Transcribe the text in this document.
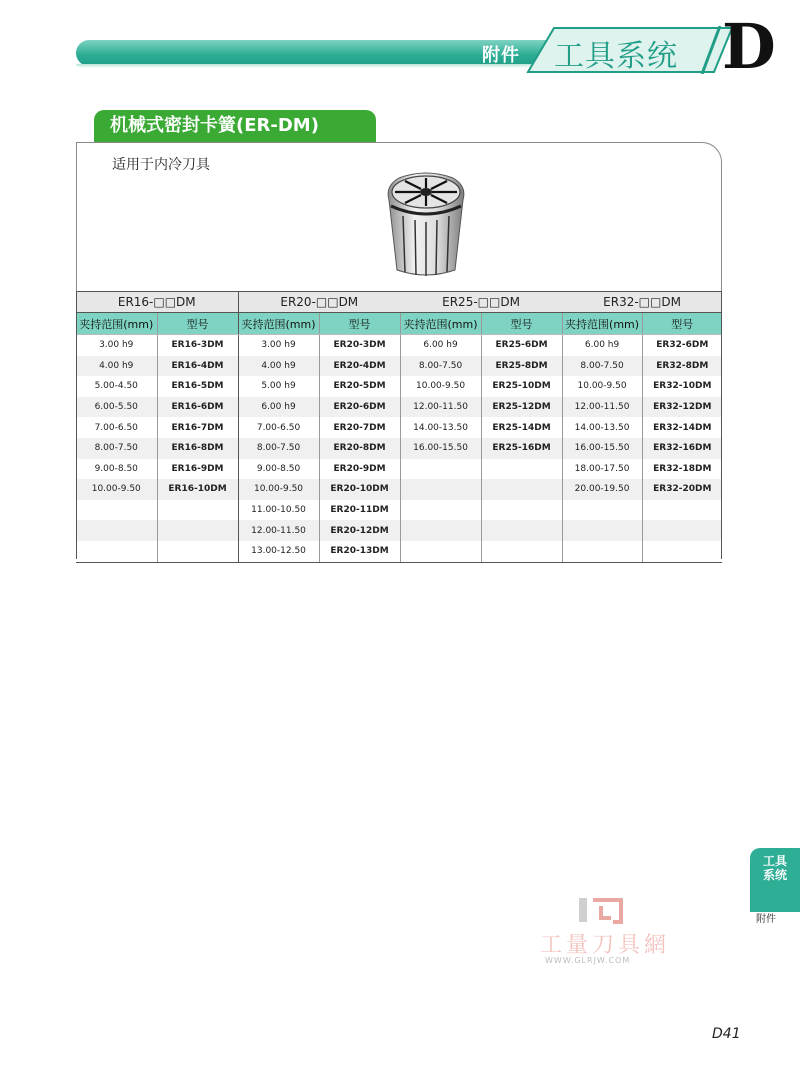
附件 工具系统 D
机械式密封卡簧(ER-DM)
适用于内冷刀具
ER16-□□DM		ER20-□□DM		ER25-□□DM		ER32-□□DM	
夹持范围(mm)	型号	夹持范围(mm)	型号	夹持范围(mm)	型号	夹持范围(mm)	型号
3.00 h9	ER16-3DM	3.00 h9	ER20-3DM	6.00 h9	ER25-6DM	6.00 h9	ER32-6DM
4.00 h9	ER16-4DM	4.00 h9	ER20-4DM	8.00-7.50	ER25-8DM	8.00-7.50	ER32-8DM
5.00-4.50	ER16-5DM	5.00 h9	ER20-5DM	10.00-9.50	ER25-10DM	10.00-9.50	ER32-10DM
6.00-5.50	ER16-6DM	6.00 h9	ER20-6DM	12.00-11.50	ER25-12DM	12.00-11.50	ER32-12DM
7.00-6.50	ER16-7DM	7.00-6.50	ER20-7DM	14.00-13.50	ER25-14DM	14.00-13.50	ER32-14DM
8.00-7.50	ER16-8DM	8.00-7.50	ER20-8DM	16.00-15.50	ER25-16DM	16.00-15.50	ER32-16DM
9.00-8.50	ER16-9DM	9.00-8.50	ER20-9DM			18.00-17.50	ER32-18DM
10.00-9.50	ER16-10DM	10.00-9.50	ER20-10DM			20.00-19.50	ER32-20DM
		11.00-10.50	ER20-11DM				
		12.00-11.50	ER20-12DM				
		13.00-12.50	ER20-13DM				
工具系统
附件
工量刀具網
WWW.GLRJW.COM
D41
